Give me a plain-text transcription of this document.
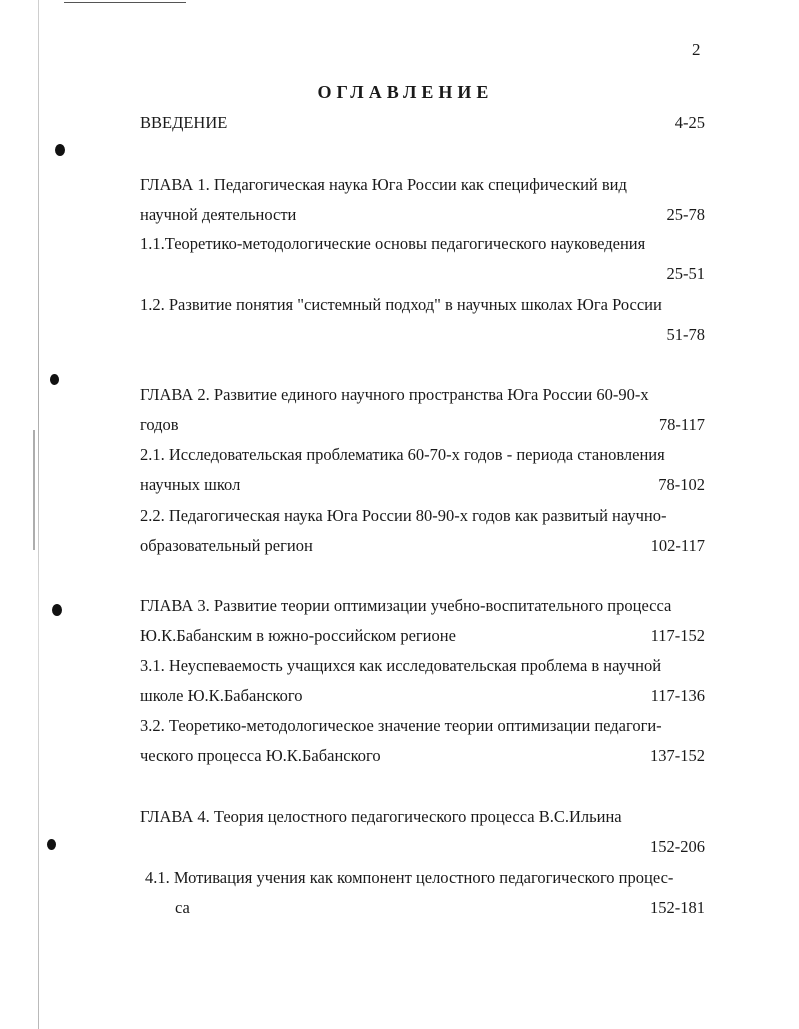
2
ОГЛАВЛЕНИЕ
ВВЕДЕНИЕ	4-25
ГЛАВА 1. Педагогическая наука Юга России как специфический вид
научной деятельности	25-78
1.1.Теоретико-методологические основы педагогического науковедения
25-51
1.2. Развитие понятия "системный подход" в научных школах Юга России
51-78
ГЛАВА 2. Развитие единого научного пространства Юга России 60-90-х
годов	78-117
2.1. Исследовательская проблематика 60-70-х годов - периода становления
научных школ	78-102
2.2. Педагогическая наука Юга России 80-90-х годов как развитый научно-
образовательный регион	102-117
ГЛАВА 3. Развитие теории оптимизации учебно-воспитательного процесса
Ю.К.Бабанским в южно-российском регионе	117-152
3.1. Неуспеваемость учащихся как исследовательская проблема в научной
школе Ю.К.Бабанского	117-136
3.2. Теоретико-методологическое значение теории оптимизации педагоги-
ческого процесса Ю.К.Бабанского	137-152
ГЛАВА 4. Теория целостного педагогического процесса В.С.Ильина
152-206
4.1. Мотивация учения как компонент целостного педагогического процес-
са	152-181
